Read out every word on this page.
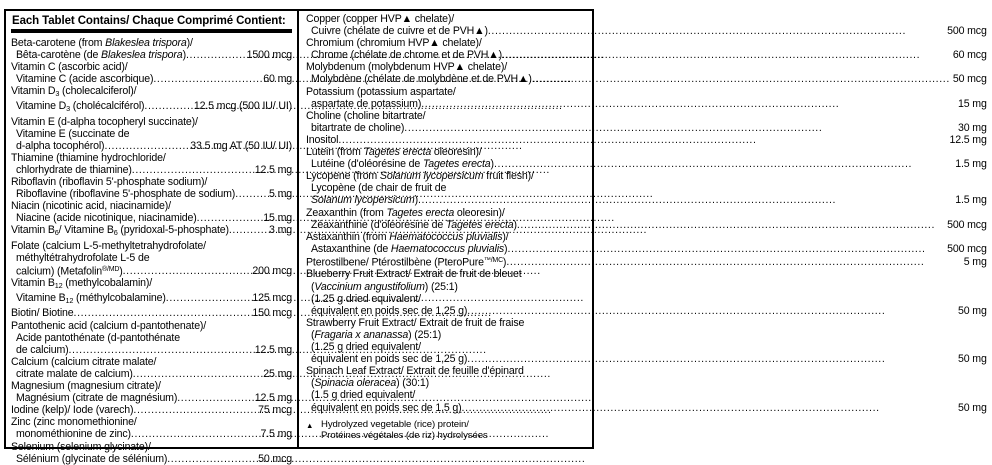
Each Tablet Contains/ Chaque Comprimé Contient:
Beta-carotene (from Blakeslea trispora)/
Bêta-carotène (de Blakeslea trispora) .....	1500 mcg
Vitamin C (ascorbic acid)/
Vitamine C (acide ascorbique) .....	60 mg
Vitamin $D_3$ (cholecalciferol)/
Vitamine $D_3$ (cholécalciférol) .....	12.5 mcg (500 IU/ UI)
Vitamin E (d-alpha tocopheryl succinate)/
Vitamine E (succinate de
d-alpha tocophérol) .....	33.5 mg AT (50 IU/ UI)
Thiamine (thiamine hydrochloride/
chlorhydrate de thiamine) .....	12.5 mg
Riboflavin (riboflavin 5'-phosphate sodium)/
Riboflavine (riboflavine 5'-phosphate de sodium) .....	5 mg
Niacin (nicotinic acid, niacinamide)/
Niacine (acide nicotinique, niacinamide) .....	15 mg
Vitamin $B_6/$ Vitamine $B_6$ (pyridoxal-5-phosphate) .....	3 mg
Folate (calcium L-5-methyltetrahydrofolate/
méthyltétrahydrofolate L-5 de
calcium) (Metafolin$^{®/MD}$) .....	200 mcg
Vitamin $B_{12}$ (methylcobalamin)/
Vitamine $B_{12}$ (méthylcobalamine) .....	125 mcg
Biotin/ Biotine .....	150 mcg
Pantothenic acid (calcium d-pantothenate)/
Acide pantothénate (d-pantothénate
de calcium) .....	12.5 mg
Calcium (calcium citrate malate/
citrate malate de calcium) .....	25 mg
Magnesium (magnesium citrate)/
Magnésium (citrate de magnésium) .....	12.5 mg
Iodine (kelp)/ Iode (varech) .....	75 mcg
Zinc (zinc monomethionine/
monométhionine de zinc) .....	7.5 mg
Selenium (selenium glycinate)/
Sélénium (glycinate de sélénium) .....	50 mcg
Copper (copper HVP▲ chelate)/
Cuivre (chélate de cuivre et de PVH▲) .....	500 mcg
Chromium (chromium HVP▲ chelate)/
Chrome (chélate de chrome et de PVH▲) .....	60 mcg
Molybdenum (molybdenum HVP▲ chelate)/
Molybdène (chélate de molybdène et de PVH▲) .....	50 mcg
Potassium (potassium aspartate/
aspartate de potassium) .....	15 mg
Choline (choline bitartrate/
bitartrate de choline) .....	30 mg
Inositol .....	12.5 mg
Lutein (from Tagetes erecta oleoresin)/
Lutéine (d'oléorésine de Tagetes erecta) .....	1.5 mg
Lycopene (from Solanum lycopersicum fruit flesh)/
Lycopène (de chair de fruit de
Solanum lycopersicum) .....	1.5 mg
Zeaxanthin (from Tagetes erecta oleoresin)/
Zéaxanthine (d'oléorésine de Tagetes erecta) .....	500 mcg
Astaxanthin (from Haematococcus pluvialis)/
Astaxanthine (de Haematococcus pluvialis) .....	500 mcg
Pterostilbene/ Ptérostilbène (PteroPure$^{™/MC}$) .....	5 mg
Blueberry Fruit Extract/ Extrait de fruit de bleuet
(Vaccinium angustifolium) (25:1)
(1.25 g dried equivalent/
équivalent en poids sec de 1,25 g) .....	50 mg
Strawberry Fruit Extract/ Extrait de fruit de fraise
(Fragaria x ananassa) (25:1)
(1.25 g dried equivalent/
équivalent en poids sec de 1,25 g) .....	50 mg
Spinach Leaf Extract/ Extrait de feuille d'épinard
(Spinacia oleracea) (30:1)
(1.5 g dried equivalent/
équivalent en poids sec de 1,5 g) .....	50 mg
▲ Hydrolyzed vegetable (rice) protein/
Protéines végétales (de riz) hydrolysées
